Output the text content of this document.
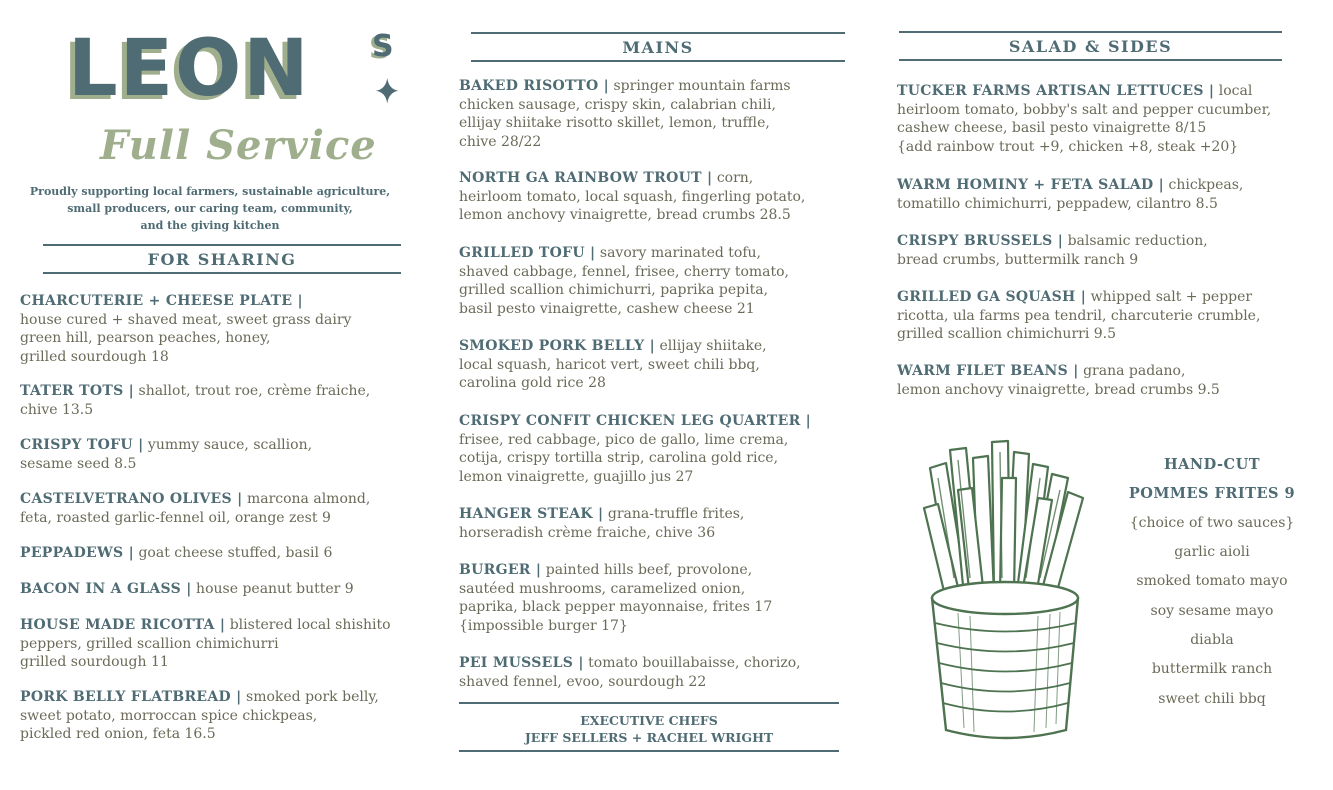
LEON S
Full Service
Proudly supporting local farmers, sustainable agriculture,
small producers, our caring team, community,
and the giving kitchen
FOR SHARING
CHARCUTERIE + CHEESE PLATE |
house cured + shaved meat, sweet grass dairy
green hill, pearson peaches, honey,
grilled sourdough 18
TATER TOTS | shallot, trout roe, crème fraiche,
chive 13.5
CRISPY TOFU | yummy sauce, scallion,
sesame seed 8.5
CASTELVETRANO OLIVES | marcona almond,
feta, roasted garlic-fennel oil, orange zest 9
PEPPADEWS | goat cheese stuffed, basil 6
BACON IN A GLASS | house peanut butter 9
HOUSE MADE RICOTTA | blistered local shishito
peppers, grilled scallion chimichurri
grilled sourdough 11
PORK BELLY FLATBREAD | smoked pork belly,
sweet potato, morroccan spice chickpeas,
pickled red onion, feta 16.5
MAINS
BAKED RISOTTO | springer mountain farms
chicken sausage, crispy skin, calabrian chili,
ellijay shiitake risotto skillet, lemon, truffle,
chive 28/22
NORTH GA RAINBOW TROUT | corn,
heirloom tomato, local squash, fingerling potato,
lemon anchovy vinaigrette, bread crumbs 28.5
GRILLED TOFU | savory marinated tofu,
shaved cabbage, fennel, frisee, cherry tomato,
grilled scallion chimichurri, paprika pepita,
basil pesto vinaigrette, cashew cheese 21
SMOKED PORK BELLY | ellijay shiitake,
local squash, haricot vert, sweet chili bbq,
carolina gold rice 28
CRISPY CONFIT CHICKEN LEG QUARTER |
frisee, red cabbage, pico de gallo, lime crema,
cotija, crispy tortilla strip, carolina gold rice,
lemon vinaigrette, guajillo jus 27
HANGER STEAK | grana-truffle frites,
horseradish crème fraiche, chive 36
BURGER | painted hills beef, provolone,
sautéed mushrooms, caramelized onion,
paprika, black pepper mayonnaise, frites 17
{impossible burger 17}
PEI MUSSELS | tomato bouillabaisse, chorizo,
shaved fennel, evoo, sourdough 22
EXECUTIVE CHEFS
JEFF SELLERS + RACHEL WRIGHT
SALAD & SIDES
TUCKER FARMS ARTISAN LETTUCES | local
heirloom tomato, bobby's salt and pepper cucumber,
cashew cheese, basil pesto vinaigrette 8/15
{add rainbow trout +9, chicken +8, steak +20}
WARM HOMINY + FETA SALAD | chickpeas,
tomatillo chimichurri, peppadew, cilantro 8.5
CRISPY BRUSSELS | balsamic reduction,
bread crumbs, buttermilk ranch 9
GRILLED GA SQUASH | whipped salt + pepper
ricotta, ula farms pea tendril, charcuterie crumble,
grilled scallion chimichurri 9.5
WARM FILET BEANS | grana padano,
lemon anchovy vinaigrette, bread crumbs 9.5
HAND-CUT
POMMES FRITES 9
{choice of two sauces}
garlic aioli
smoked tomato mayo
soy sesame mayo
diabla
buttermilk ranch
sweet chili bbq
